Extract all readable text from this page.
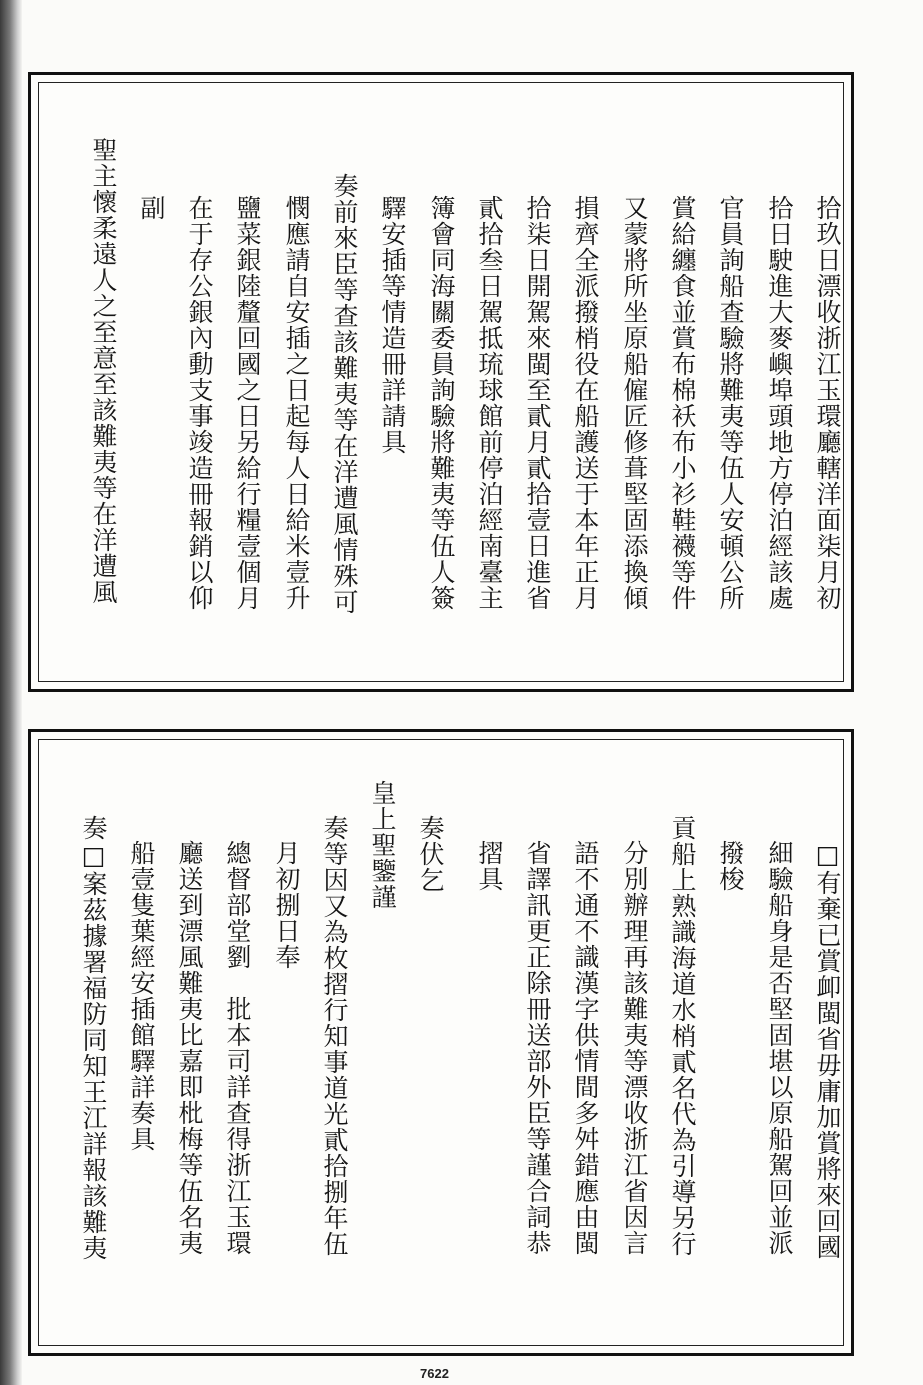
拾玖日漂收浙江玉環廳轄洋面柒月初
拾日駛進大麥嶼埠頭地方停泊經該處
官員詢船查驗將難夷等伍人安頓公所
賞給纏食並賞布棉袄布小衫鞋襪等件
又蒙將所坐原船僱匠修葺堅固添換傾
損齊全派撥梢役在船護送于本年正月
拾柒日開駕來閩至貳月貳拾壹日進省
貳拾叁日駕抵琉球館前停泊經南臺主
簿會同海關委員詢驗將難夷等伍人簽
驛安插等情造冊詳請具
奏前來臣等查該難夷等在洋遭風情殊可
憫應請自安插之日起每人日給米壹升
鹽菜銀陸釐回國之日另給行糧壹個月
在于存公銀內動支事竣造冊報銷以仰
副
聖主懷柔遠人之至意至該難夷等在洋遭風
□有棄已賞卹閩省毋庸加賞將來回國
細驗船身是否堅固堪以原船駕回並派
撥梭
貢船上熟識海道水梢貳名代為引導另行
分別辦理再該難夷等漂收浙江省因言
語不通不識漢字供情間多舛錯應由閩
省譯訊更正除冊送部外臣等謹合詞恭
摺具
奏伏乞
皇上聖鑒謹
奏等因又為枚摺行知事道光貳拾捌年伍
月初捌日奉
總督部堂劉　批本司詳查得浙江玉環
廳送到漂風難夷比嘉即枇梅等伍名夷
船壹隻葉經安插館驛詳奏具
奏□案茲據署福防同知王江詳報該難夷
7622
